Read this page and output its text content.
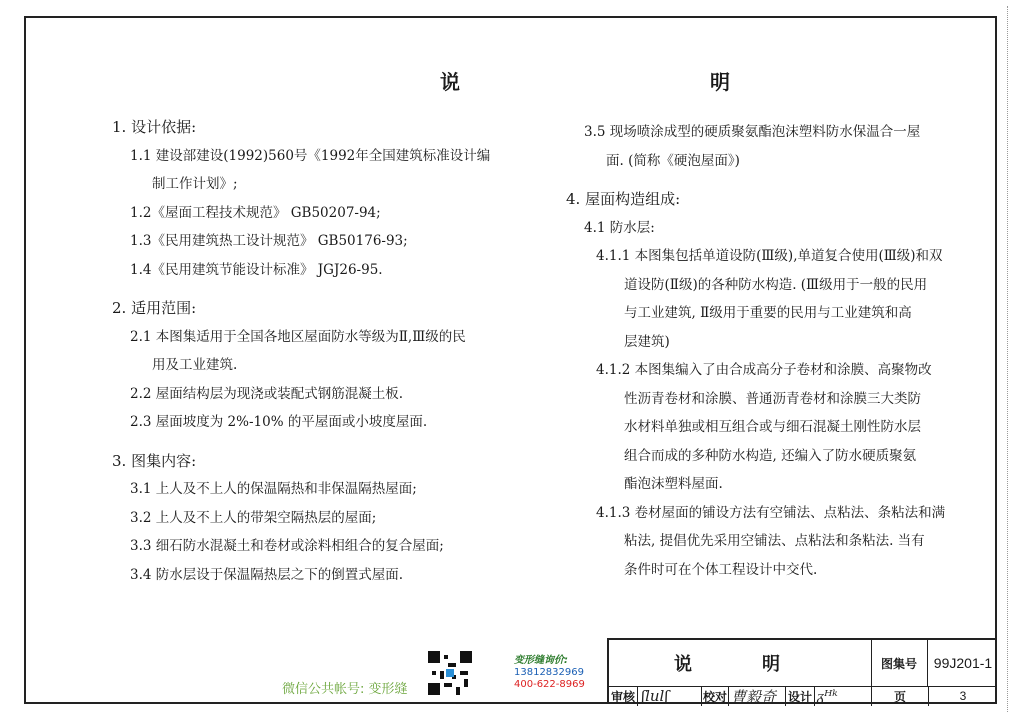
说　　明
1. 设计依据:
1.1 建设部建设(1992)560号《1992年全国建筑标准设计编
制工作计划》;
1.2《屋面工程技术规范》 GB50207-94;
1.3《民用建筑热工设计规范》 GB50176-93;
1.4《民用建筑节能设计标准》 JGJ26-95.
2. 适用范围:
2.1 本图集适用于全国各地区屋面防水等级为Ⅱ,Ⅲ级的民
用及工业建筑.
2.2 屋面结构层为现浇或装配式钢筋混凝土板.
2.3 屋面坡度为 2%-10% 的平屋面或小坡度屋面.
3. 图集内容:
3.1 上人及不上人的保温隔热和非保温隔热屋面;
3.2 上人及不上人的带架空隔热层的屋面;
3.3 细石防水混凝土和卷材或涂料相组合的复合屋面;
3.4 防水层设于保温隔热层之下的倒置式屋面.
3.5 现场喷涂成型的硬质聚氨酯泡沫塑料防水保温合一屋
面. (简称《硬泡屋面》)
4. 屋面构造组成:
4.1 防水层:
4.1.1 本图集包括单道设防(Ⅲ级),单道复合使用(Ⅲ级)和双
道设防(Ⅱ级)的各种防水构造. (Ⅲ级用于一般的民用
与工业建筑, Ⅱ级用于重要的民用与工业建筑和高
层建筑)
4.1.2 本图集编入了由合成高分子卷材和涂膜、高聚物改
性沥青卷材和涂膜、普通沥青卷材和涂膜三大类防
水材料单独或相互组合或与细石混凝土刚性防水层
组合而成的多种防水构造, 还编入了防水硬质聚氨
酯泡沫塑料屋面.
4.1.3 卷材屋面的铺设方法有空铺法、点粘法、条粘法和满
粘法, 提倡优先采用空铺法、点粘法和条粘法. 当有
条件时可在个体工程设计中交代.
微信公共帐号: 变形缝
变形缝询价:
13812832969
400-622-8969
说　明	图集号	99J201-1
审核 ʃlulʃ	校对 曹毅奇 设计 ᵹᴴᵏ	页	3
